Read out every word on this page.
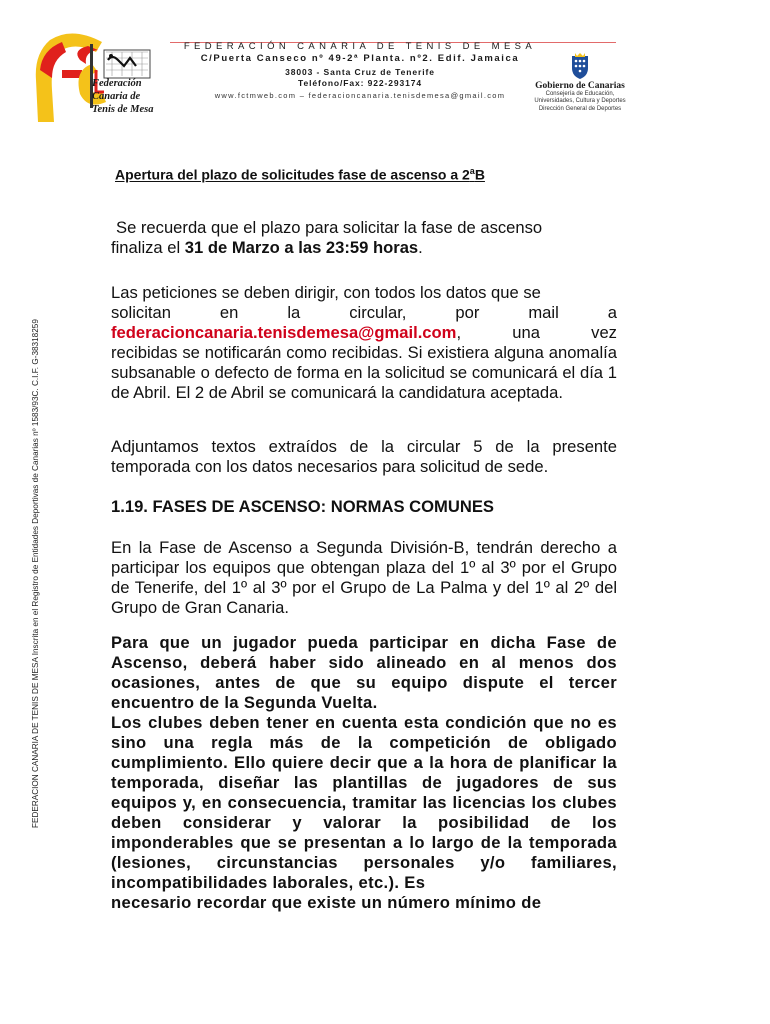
Federación
Canaria de
Tenis de Mesa
FEDERACIÓN CANARIA DE TENIS DE MESA
C/Puerta Canseco nº 49-2ª Planta. nº2. Edif. Jamaica
38003 - Santa Cruz de Tenerife
Teléfono/Fax: 922-293174
www.fctmweb.com – federacioncanaria.tenisdemesa@gmail.com
Gobierno de Canarias
Consejería de Educación,
Universidades, Cultura y Deportes
Dirección General de Deportes
FEDERACION CANARIA DE TENIS DE MESA Inscrita en el Registro de Entidades Deportivas de Canarias nº 1583/93C. C.I.F. G-38318259
Apertura del plazo de solicitudes fase de ascenso a 2$^a$B
Se recuerda que el plazo para solicitar la fase de ascenso
finaliza el 31 de Marzo a las 23:59 horas.
Las peticiones se deben dirigir, con todos los datos que se
solicitan	en	la	circular,	por	mail	a
federacioncanaria.tenisdemesa@gmail.com,	una	vez
recibidas se notificarán como recibidas. Si existiera alguna anomalía subsanable o defecto de forma en la solicitud se comunicará el día 1 de Abril. El 2 de Abril se comunicará la candidatura aceptada.
Adjuntamos textos extraídos de la circular 5 de la presente temporada con los datos necesarios para solicitud de sede.
1.19. FASES DE ASCENSO: NORMAS COMUNES
En la Fase de Ascenso a Segunda División-B, tendrán derecho a participar los equipos que obtengan plaza del 1º al 3º por el Grupo de Tenerife, del 1º al 3º por el Grupo de La Palma y del 1º al 2º del Grupo de Gran Canaria.
Para que un jugador pueda participar en dicha Fase de Ascenso, deberá haber sido alineado en al menos dos ocasiones, antes de que su equipo dispute el tercer encuentro de la Segunda Vuelta.
Los clubes deben tener en cuenta esta condición que no es sino una regla más de la competición de obligado cumplimiento. Ello quiere decir que a la hora de planificar la temporada, diseñar las plantillas de jugadores de sus equipos y, en consecuencia, tramitar las licencias los clubes deben considerar y valorar la posibilidad de los imponderables que se presentan a lo largo de la temporada (lesiones, circunstancias personales y/o familiares, incompatibilidades laborales, etc.). Es
necesario recordar que existe un número mínimo de
